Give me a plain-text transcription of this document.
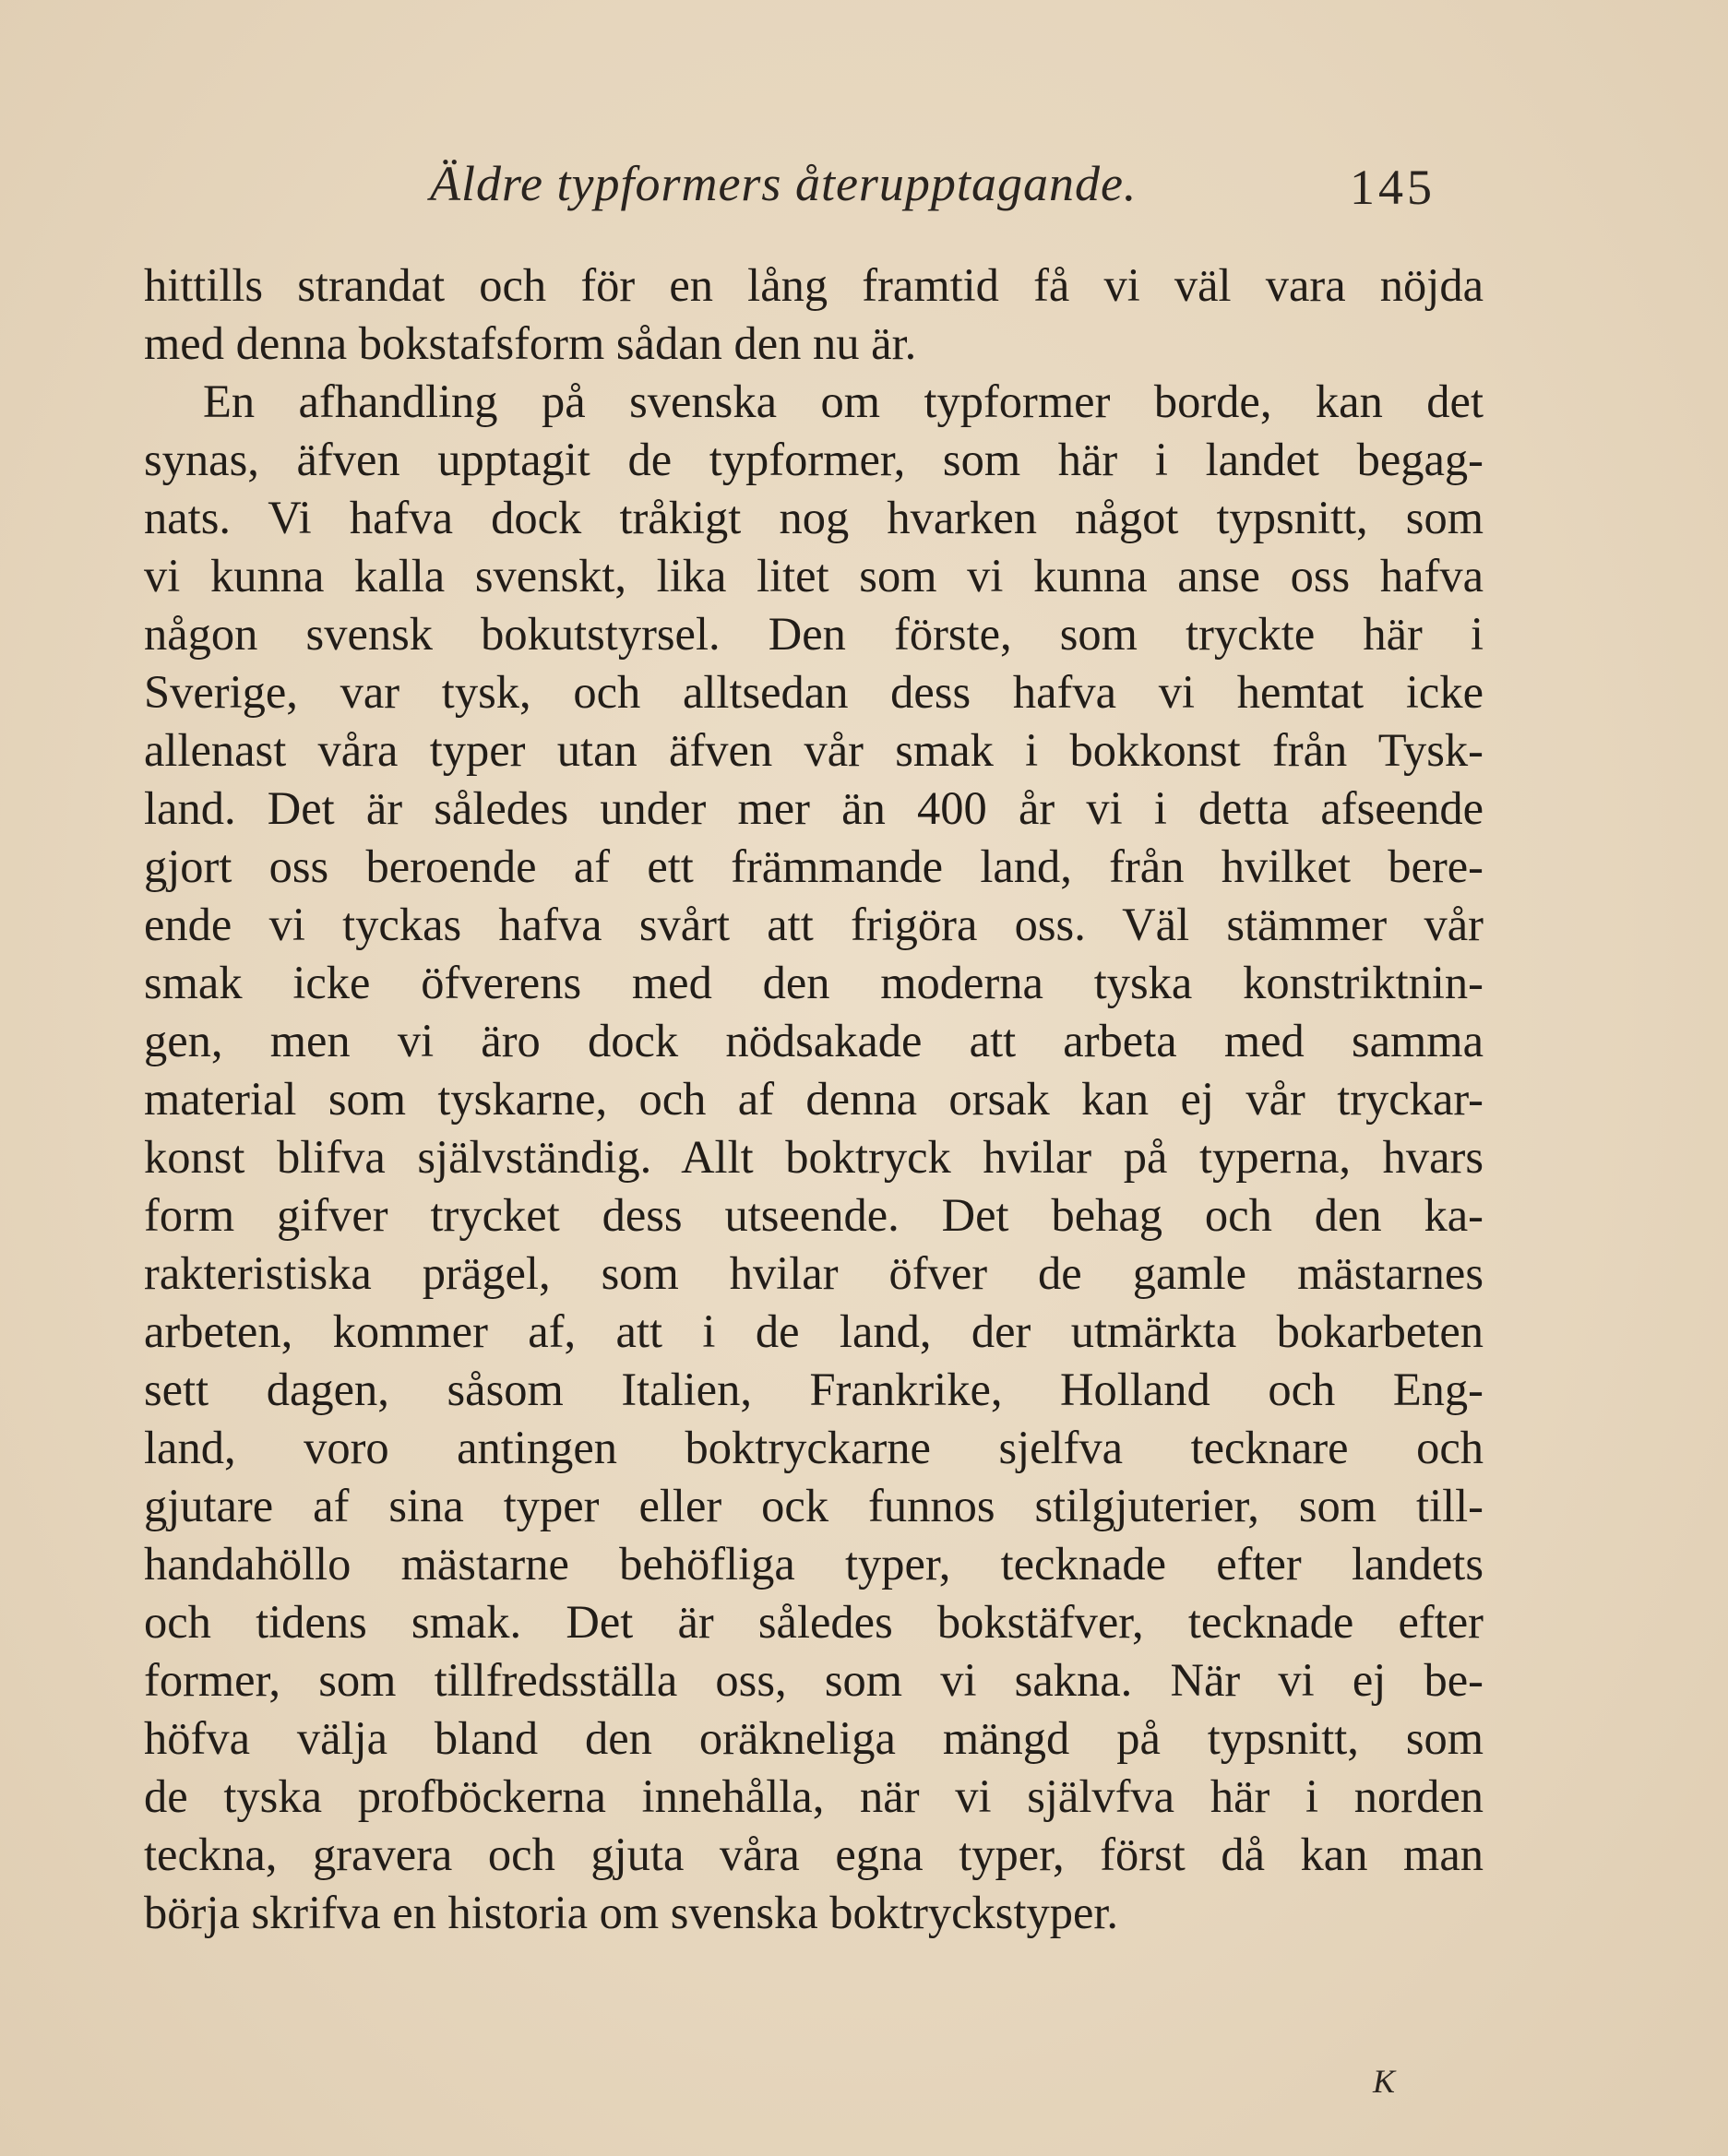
Äldre typformers återupptagande.	145
hittills strandat och för en lång framtid få vi väl vara nöjda
med denna bokstafsform sådan den nu är.
En afhandling på svenska om typformer borde, kan det
synas, äfven upptagit de typformer, som här i landet begag-
nats. Vi hafva dock tråkigt nog hvarken något typsnitt, som
vi kunna kalla svenskt, lika litet som vi kunna anse oss hafva
någon svensk bokutstyrsel. Den förste, som tryckte här i
Sverige, var tysk, och alltsedan dess hafva vi hemtat icke
allenast våra typer utan äfven vår smak i bokkonst från Tysk-
land. Det är således under mer än 400 år vi i detta afseende
gjort oss beroende af ett främmande land, från hvilket bere-
ende vi tyckas hafva svårt att frigöra oss. Väl stämmer vår
smak icke öfverens med den moderna tyska konstriktnin-
gen, men vi äro dock nödsakade att arbeta med samma
material som tyskarne, och af denna orsak kan ej vår tryckar-
konst blifva självständig. Allt boktryck hvilar på typerna, hvars
form gifver trycket dess utseende. Det behag och den ka-
rakteristiska prägel, som hvilar öfver de gamle mästarnes
arbeten, kommer af, att i de land, der utmärkta bokarbeten
sett dagen, såsom Italien, Frankrike, Holland och Eng-
land, voro antingen boktryckarne sjelfva tecknare och
gjutare af sina typer eller ock funnos stilgjuterier, som till-
handahöllo mästarne behöfliga typer, tecknade efter landets
och tidens smak. Det är således bokstäfver, tecknade efter
former, som tillfredsställa oss, som vi sakna. När vi ej be-
höfva välja bland den oräkneliga mängd på typsnitt, som
de tyska profböckerna innehålla, när vi självfva här i norden
teckna, gravera och gjuta våra egna typer, först då kan man
börja skrifva en historia om svenska boktryckstyper.
K
